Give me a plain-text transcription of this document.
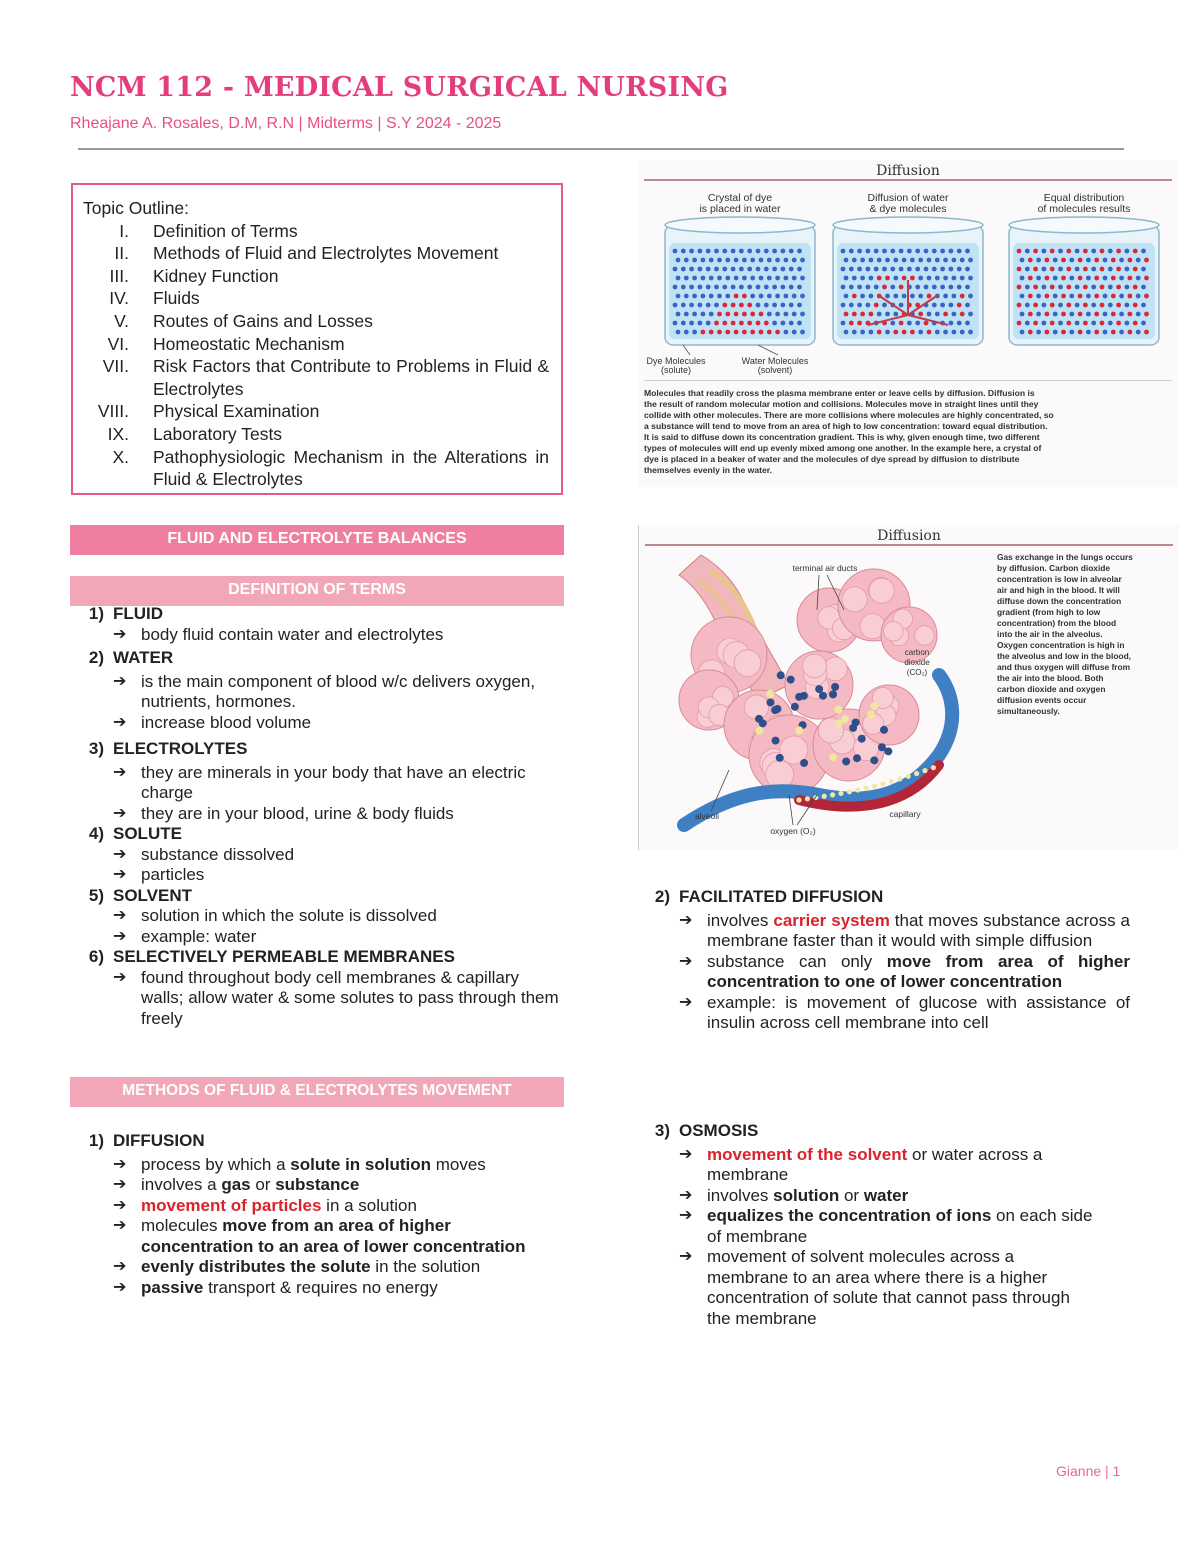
NCM 112 - MEDICAL SURGICAL NURSING
Rheajane A. Rosales, D.M, R.N | Midterms | S.Y 2024 - 2025
Topic Outline:
I. Definition of Terms
II. Methods of Fluid and Electrolytes Movement
III. Kidney Function
IV. Fluids
V. Routes of Gains and Losses
VI. Homeostatic Mechanism
VII. Risk Factors that Contribute to Problems in Fluid & Electrolytes
VIII. Physical Examination
IX. Laboratory Tests
X. Pathophysiologic Mechanism in the Alterations in Fluid & Electrolytes
FLUID AND ELECTROLYTE BALANCES
DEFINITION OF TERMS
1) FLUID
➔ body fluid contain water and electrolytes
2) WATER
➔ is the main component of blood w/c delivers oxygen, nutrients, hormones.
➔ increase blood volume
3) ELECTROLYTES
➔ they are minerals in your body that have an electric charge
➔ they are in your blood, urine & body fluids
4) SOLUTE
➔ substance dissolved
➔ particles
5) SOLVENT
➔ solution in which the solute is dissolved
➔ example: water
6) SELECTIVELY PERMEABLE MEMBRANES
➔ found throughout body cell membranes & capillary walls; allow water & some solutes to pass through them freely
METHODS OF FLUID & ELECTROLYTES MOVEMENT
1) DIFFUSION
➔ process by which a solute in solution moves
➔ involves a gas or substance
➔ movement of particles in a solution
➔ molecules move from an area of higher concentration to an area of lower concentration
➔ evenly distributes the solute in the solution
➔ passive transport & requires no energy
Diffusion
Crystal of dye
is placed in water
Diffusion of water
& dye molecules
Equal distribution
of molecules results
Dye Molecules
(solute)
Water Molecules
(solvent)
Molecules that readily cross the plasma membrane enter or leave cells by diffusion. Diffusion is
the result of random molecular motion and collisions. Molecules move in straight lines until they
collide with other molecules. There are more collisions where molecules are highly concentrated, so
a substance will tend to move from an area of high to low concentration: toward equal distribution.
It is said to diffuse down its concentration gradient. This is why, given enough time, two different
types of molecules will end up evenly mixed among one another. In the example here, a crystal of
dye is placed in a beaker of water and the molecules of dye spread by diffusion to distribute
themselves evenly in the water.
Diffusion
terminal air ducts
carbon
dioxide
(CO₂)
alveoli	capillary
oxygen (O₂)
Gas exchange in the lungs occurs
by diffusion. Carbon dioxide
concentration is low in alveolar
air and high in the blood. It will
diffuse down the concentration
gradient (from high to low
concentration) from the blood
into the air in the alveolus.
Oxygen concentration is high in
the alveolus and low in the blood,
and thus oxygen will diffuse from
the air into the blood. Both
carbon dioxide and oxygen
diffusion events occur
simultaneously.
2) FACILITATED DIFFUSION
➔ involves carrier system that moves substance across a membrane faster than it would with simple diffusion
➔ substance can only move from area of higher concentration to one of lower concentration
➔ example: is movement of glucose with assistance of insulin across cell membrane into cell
3) OSMOSIS
➔ movement of the solvent or water across a membrane
➔ involves solution or water
➔ equalizes the concentration of ions on each side of membrane
➔ movement of solvent molecules across a membrane to an area where there is a higher concentration of solute that cannot pass through the membrane
Gianne | 1
